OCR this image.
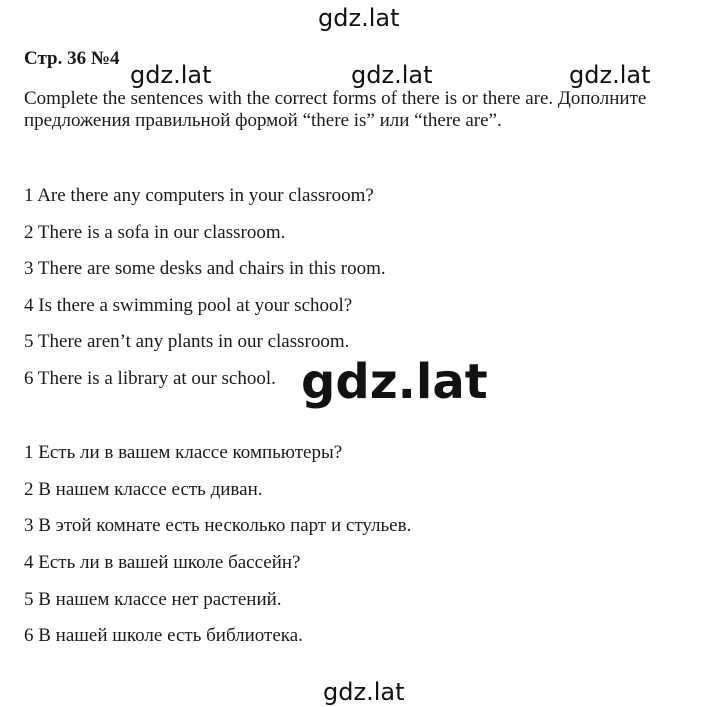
gdz.lat
gdz.lat	gdz.lat	gdz.lat
Стр. 36 №4
Complete the sentences with the correct forms of there is or there are. Дополните
предложения правильной формой “there is” или “there are”.
1 Are there any computers in your classroom?
2 There is a sofa in our classroom.
3 There are some desks and chairs in this room.
4 Is there a swimming pool at your school?
5 There aren’t any plants in our classroom.
6 There is a library at our school. gdz.lat
1 Есть ли в вашем классе компьютеры?
2 В нашем классе есть диван.
3 В этой комнате есть несколько парт и стульев.
4 Есть ли в вашей школе бассейн?
5 В нашем классе нет растений.
6 В нашей школе есть библиотека.
gdz.lat
